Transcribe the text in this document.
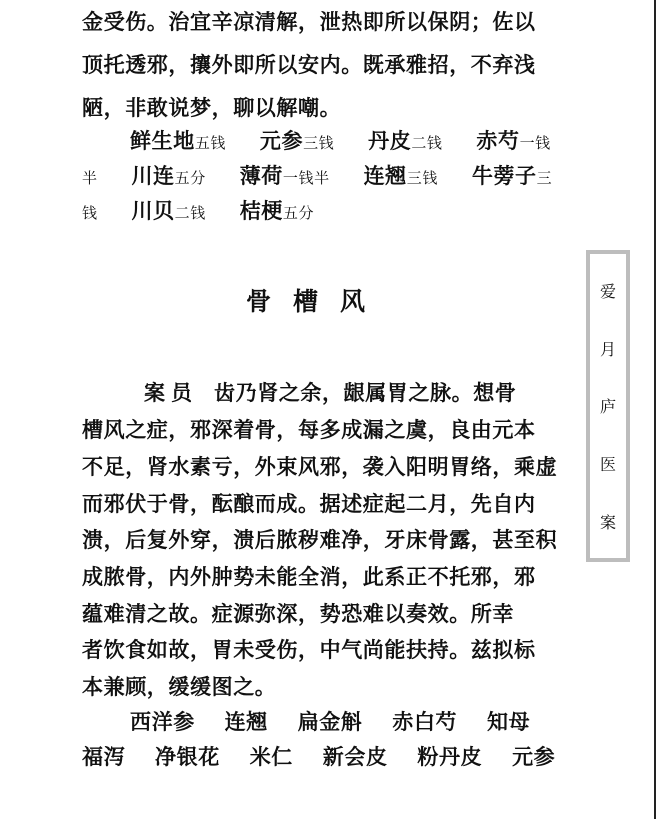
金受伤。治宜辛凉清解，泄热即所以保阴；佐以
顶托透邪，攘外即所以安内。既承雅招，不弃浅
陋，非敢说梦，聊以解嘲。
鲜生地五钱 元参三钱 丹皮二钱 赤芍一钱
半 川连五分 薄荷一钱半 连翘三钱 牛蒡子三
钱 川贝二钱 桔梗五分
骨槽风
案员 齿乃肾之余，龈属胃之脉。想骨
槽风之症，邪深着骨，每多成漏之虞，良由元本
不足，肾水素亏，外束风邪，袭入阳明胃络，乘虚
而邪伏于骨，酝酿而成。据述症起二月，先自内
溃，后复外穿，溃后脓秽难净，牙床骨露，甚至积
成脓骨，内外肿势未能全消，此系正不托邪，邪
蕴难清之故。症源弥深，势恐难以奏效。所幸
者饮食如故，胃未受伤，中气尚能扶持。兹拟标
本兼顾，缓缓图之。
西洋参 连翘 扁金斛 赤白芍 知母
福泻 净银花 米仁 新会皮 粉丹皮 元参
爱
月
庐
医
案
